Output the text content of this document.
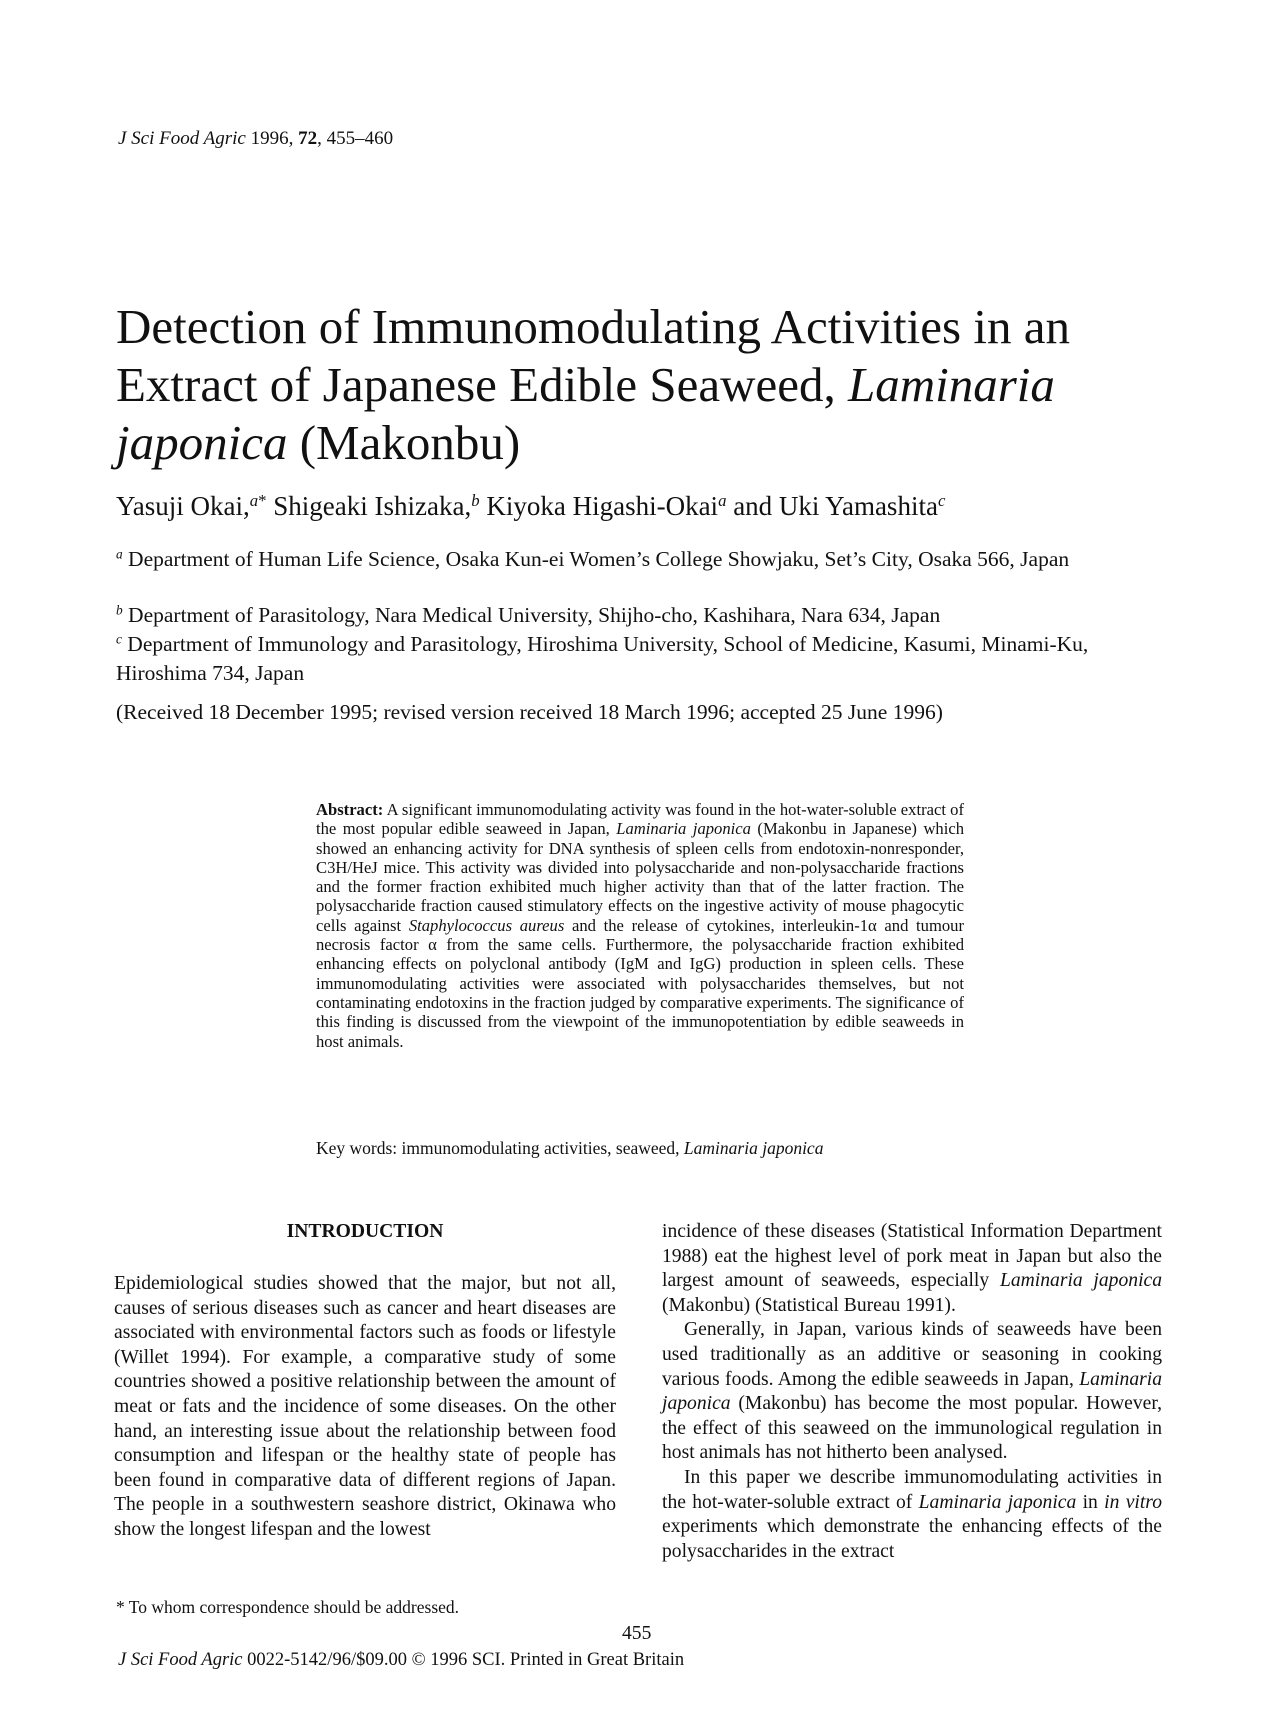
J Sci Food Agric 1996, 72, 455–460
Detection of Immunomodulating Activities in an
Extract of Japanese Edible Seaweed, Laminaria
japonica (Makonbu)
Yasuji Okai,$^{a*}$ Shigeaki Ishizaka,$^b$ Kiyoka Higashi-Okai$^a$ and Uki Yamashita$^c$
$^a$ Department of Human Life Science, Osaka Kun-ei Women’s College Showjaku, Set’s City, Osaka 566, Japan
$^b$ Department of Parasitology, Nara Medical University, Shijho-cho, Kashihara, Nara 634, Japan
$^c$ Department of Immunology and Parasitology, Hiroshima University, School of Medicine, Kasumi, Minami-Ku, Hiroshima 734, Japan
(Received 18 December 1995; revised version received 18 March 1996; accepted 25 June 1996)
Abstract: A significant immunomodulating activity was found in the hot-water-soluble extract of the most popular edible seaweed in Japan, Laminaria japonica (Makonbu in Japanese) which showed an enhancing activity for DNA synthesis of spleen cells from endotoxin-nonresponder, C3H/HeJ mice. This activity was divided into polysaccharide and non-polysaccharide fractions and the former fraction exhibited much higher activity than that of the latter fraction. The polysaccharide fraction caused stimulatory effects on the ingestive activity of mouse phagocytic cells against Staphylococcus aureus and the release of cytokines, interleukin-1α and tumour necrosis factor α from the same cells. Furthermore, the polysaccharide fraction exhibited enhancing effects on polyclonal antibody (IgM and IgG) production in spleen cells. These immunomodulating activities were associated with polysaccharides themselves, but not contaminating endotoxins in the fraction judged by comparative experiments. The significance of this finding is discussed from the viewpoint of the immunopotentiation by edible seaweeds in host animals.
Key words: immunomodulating activities, seaweed, Laminaria japonica
INTRODUCTION

Epidemiological studies showed that the major, but not all, causes of serious diseases such as cancer and heart diseases are associated with environmental factors such as foods or lifestyle (Willet 1994). For example, a comparative study of some countries showed a positive relationship between the amount of meat or fats and the incidence of some diseases. On the other hand, an interesting issue about the relationship between food consumption and lifespan or the healthy state of people has been found in comparative data of different regions of Japan. The people in a southwestern seashore district, Okinawa who show the longest lifespan and the lowest

incidence of these diseases (Statistical Information Department 1988) eat the highest level of pork meat in Japan but also the largest amount of seaweeds, especially Laminaria japonica (Makonbu) (Statistical Bureau 1991).

Generally, in Japan, various kinds of seaweeds have been used traditionally as an additive or seasoning in cooking various foods. Among the edible seaweeds in Japan, Laminaria japonica (Makonbu) has become the most popular. However, the effect of this seaweed on the immunological regulation in host animals has not hitherto been analysed.

In this paper we describe immunomodulating activities in the hot-water-soluble extract of Laminaria japonica in in vitro experiments which demonstrate the enhancing effects of the polysaccharides in the extract

* To whom correspondence should be addressed.
455
J Sci Food Agric 0022-5142/96/$09.00 © 1996 SCI. Printed in Great Britain
